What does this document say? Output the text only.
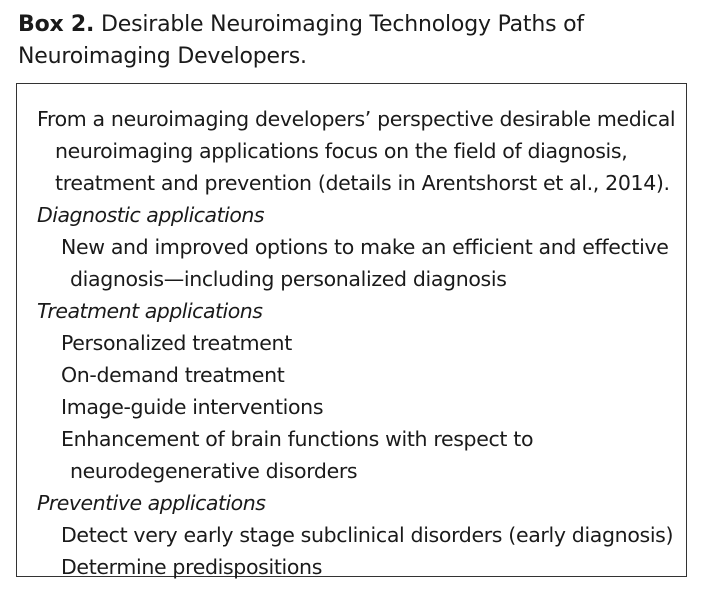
Box 2. Desirable Neuroimaging Technology Paths of
Neuroimaging Developers.
From a neuroimaging developers’ perspective desirable medical
neuroimaging applications focus on the field of diagnosis,
treatment and prevention (details in Arentshorst et al., 2014).
Diagnostic applications
New and improved options to make an efficient and effective
diagnosis—including personalized diagnosis
Treatment applications
Personalized treatment
On-demand treatment
Image-guide interventions
Enhancement of brain functions with respect to
neurodegenerative disorders
Preventive applications
Detect very early stage subclinical disorders (early diagnosis)
Determine predispositions
